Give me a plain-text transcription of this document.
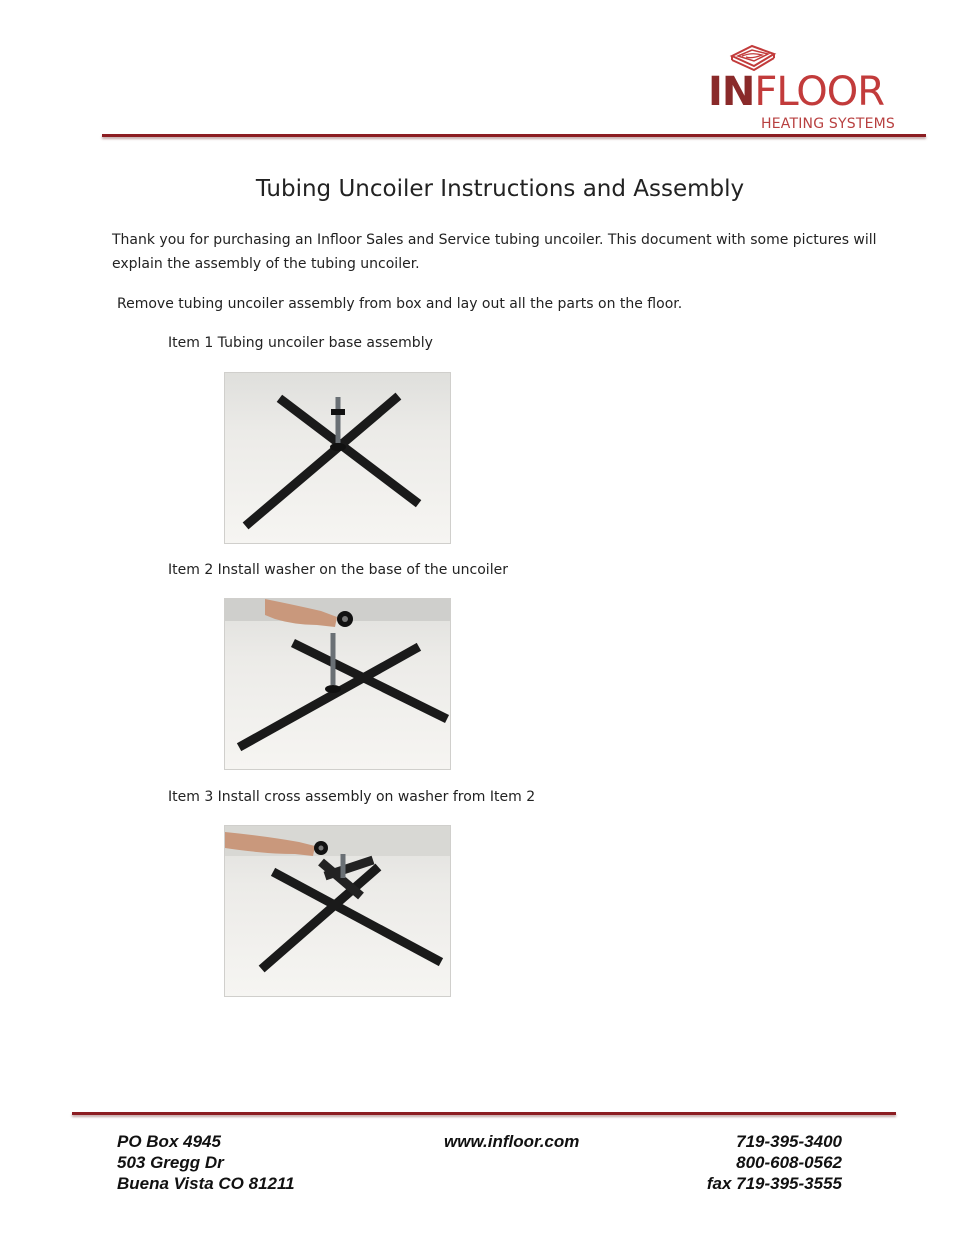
INFLOOR
HEATING SYSTEMS
Tubing Uncoiler Instructions and Assembly
Thank you for purchasing an Infloor Sales and Service tubing uncoiler. This document with some pictures will
explain the assembly of the tubing uncoiler.
Remove tubing uncoiler assembly from box and lay out all the parts on the floor.
Item 1 Tubing uncoiler base assembly
Item 2 Install washer on the base of the uncoiler
Item 3 Install cross assembly on washer from Item 2
PO Box 4945
503 Gregg Dr
Buena Vista CO 81211
www.infloor.com	719-395-3400
800-608-0562
fax 719-395-3555
